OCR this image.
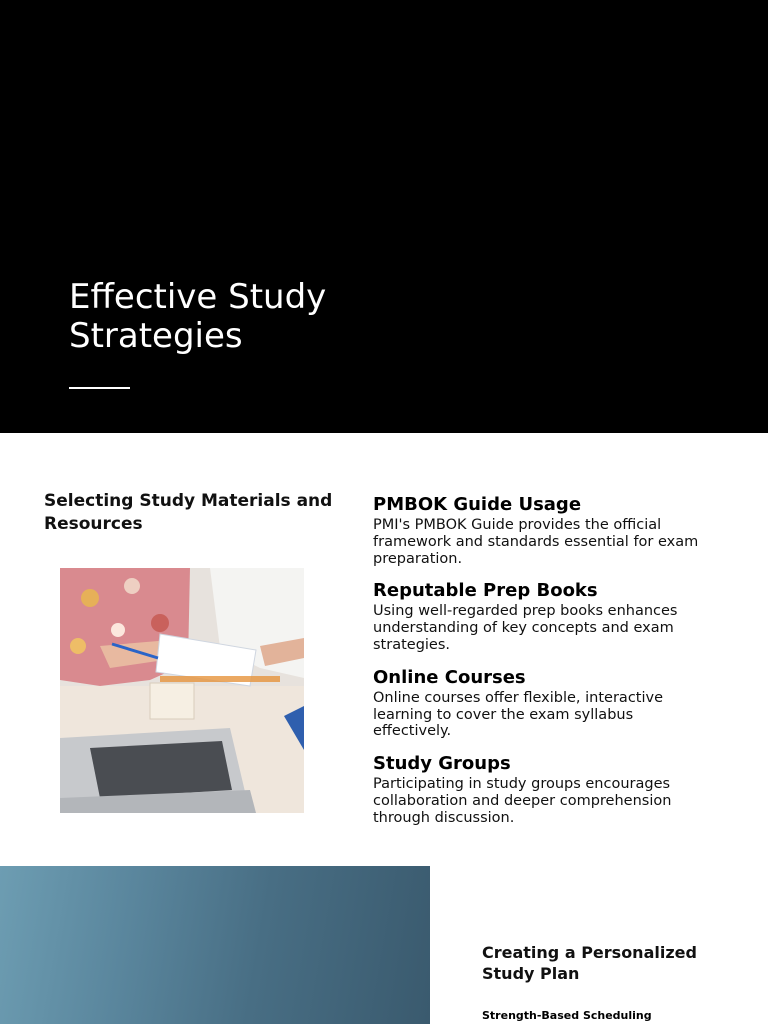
Effective Study Strategies
Selecting Study Materials and Resources
PMBOK Guide Usage
PMI's PMBOK Guide provides the official framework and standards essential for exam preparation.
Reputable Prep Books
Using well-regarded prep books enhances understanding of key concepts and exam strategies.
Online Courses
Online courses offer flexible, interactive learning to cover the exam syllabus effectively.
Study Groups
Participating in study groups encourages collaboration and deeper comprehension through discussion.
Creating a Personalized Study Plan
Strength-Based Scheduling
